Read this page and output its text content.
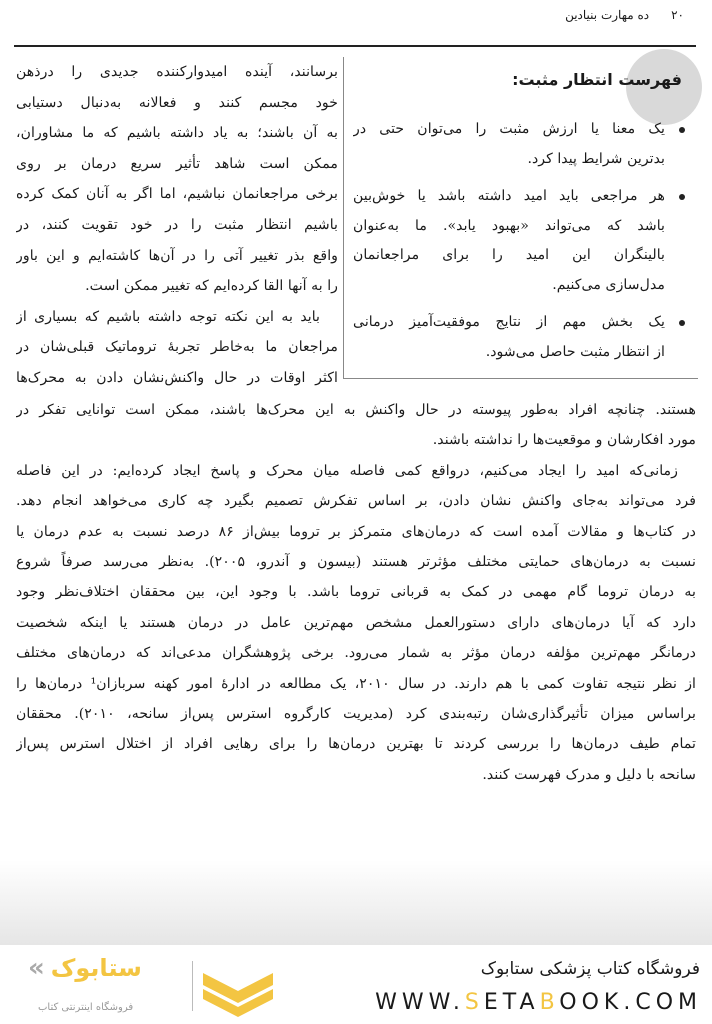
۲۰
ده مهارت بنیادین
فهرست انتظار مثبت:
یک معنا یا ارزش مثبت را می‌توان حتی در
بدترین شرایط پیدا کرد.
هر مراجعی باید امید داشته باشد یا خوش‌بین
باشد که می‌تواند «بهبود یابد». ما به‌عنوان
بالینگران این امید را برای مراجعانمان
مدل‌سازی می‌کنیم.
یک بخش مهم از نتایج موفقیت‌آمیز درمانی
از انتظار مثبت حاصل می‌شود.
برسانند، آینده امیدوارکننده جدیدی را درذهن
خود مجسم کنند و فعالانه به‌دنبال دستیابی
به آن باشند؛ به یاد داشته باشیم که ما مشاوران،
ممکن است شاهد تأثیر سریع درمان بر روی
برخی مراجعانمان نباشیم، اما اگر به آنان کمک کرده
باشیم انتظار مثبت را در خود تقویت کنند، در
واقع بذر تغییر آتی را در آن‌ها کاشته‌ایم و این باور
را به آنها القا کرده‌ایم که تغییر ممکن است.
باید به این نکته توجه داشته باشیم که بسیاری از
مراجعان ما به‌خاطر تجربهٔ تروماتیک قبلی‌شان در
اکثر اوقات در حال واکنش‌نشان دادن به محرک‌ها
هستند. چنانچه افراد به‌طور پیوسته در حال واکنش به این محرک‌ها باشند، ممکن است توانایی تفکر در
مورد افکارشان و موقعیت‌ها را نداشته باشند.
زمانی‌که امید را ایجاد می‌کنیم، درواقع کمی فاصله میان محرک و پاسخ ایجاد کرده‌ایم: در این فاصله
فرد می‌تواند به‌جای واکنش نشان دادن، بر اساس تفکرش تصمیم بگیرد چه کاری می‌خواهد انجام دهد.
در کتاب‌ها و مقالات آمده است که درمان‌های متمرکز بر تروما بیش‌از ۸۶ درصد نسبت به عدم درمان یا
نسبت به درمان‌های حمایتی مختلف مؤثرتر هستند (بیسون و آندرو، ۲۰۰۵). به‌نظر می‌رسد صرفاً شروع
به درمان تروما گام مهمی در کمک به قربانی تروما باشد. با وجود این، بین محققان اختلاف‌نظر وجود
دارد که آیا درمان‌های دارای دستورالعمل مشخص مهم‌ترین عامل در درمان هستند یا اینکه شخصیت
درمانگر مهم‌ترین مؤلفه درمان مؤثر به شمار می‌رود. برخی پژوهشگران مدعی‌اند که درمان‌های مختلف
از نظر نتیجه تفاوت کمی با هم دارند. در سال ۲۰۱۰، یک مطالعه در ادارهٔ امور کهنه سربازان¹ درمان‌ها را
براساس میزان تأثیرگذاری‌شان رتبه‌بندی کرد (مدیریت کارگروه استرس پس‌از سانحه، ۲۰۱۰). محققان
تمام طیف درمان‌ها را بررسی کردند تا بهترین درمان‌ها را برای رهایی افراد از اختلال استرس پس‌از
سانحه با دلیل و مدرک فهرست کنند.
فروشگاه کتاب پزشکی ستابوک
WWW.SETABOOK.COM
« ستابوک
فروشگاه اینترنتی کتاب
